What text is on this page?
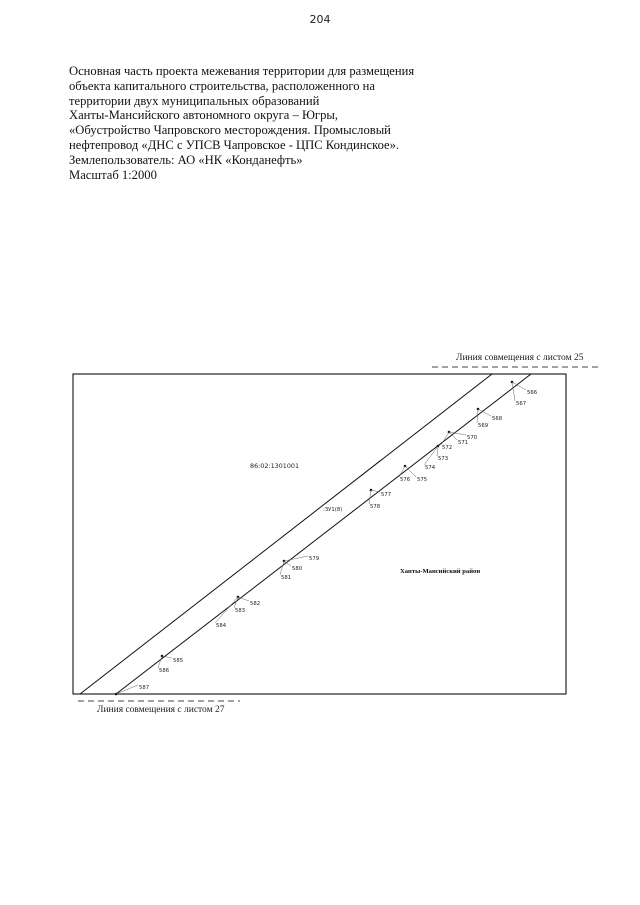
204
Основная часть проекта межевания территории для размещения
объекта капитального строительства, расположенного на
территории двух муниципальных образований
Ханты-Мансийского автономного округа – Югры,
«Обустройство Чапровского месторождения. Промысловый
нефтепровод «ДНС с УПСВ Чапровское - ЦПС Кондинское».
Землепользователь: АО «НК «Конданефть»
Масштаб 1:2000
Линия совмещения с листом 25
566
567
568
569
570
571
572
573
574
575
576
577
578
579
580
581
582
583
584
585
586
587
86:02:1301001
:ЗУ1(8)
Ханты-Мансийский район
Линия совмещения с листом 27
